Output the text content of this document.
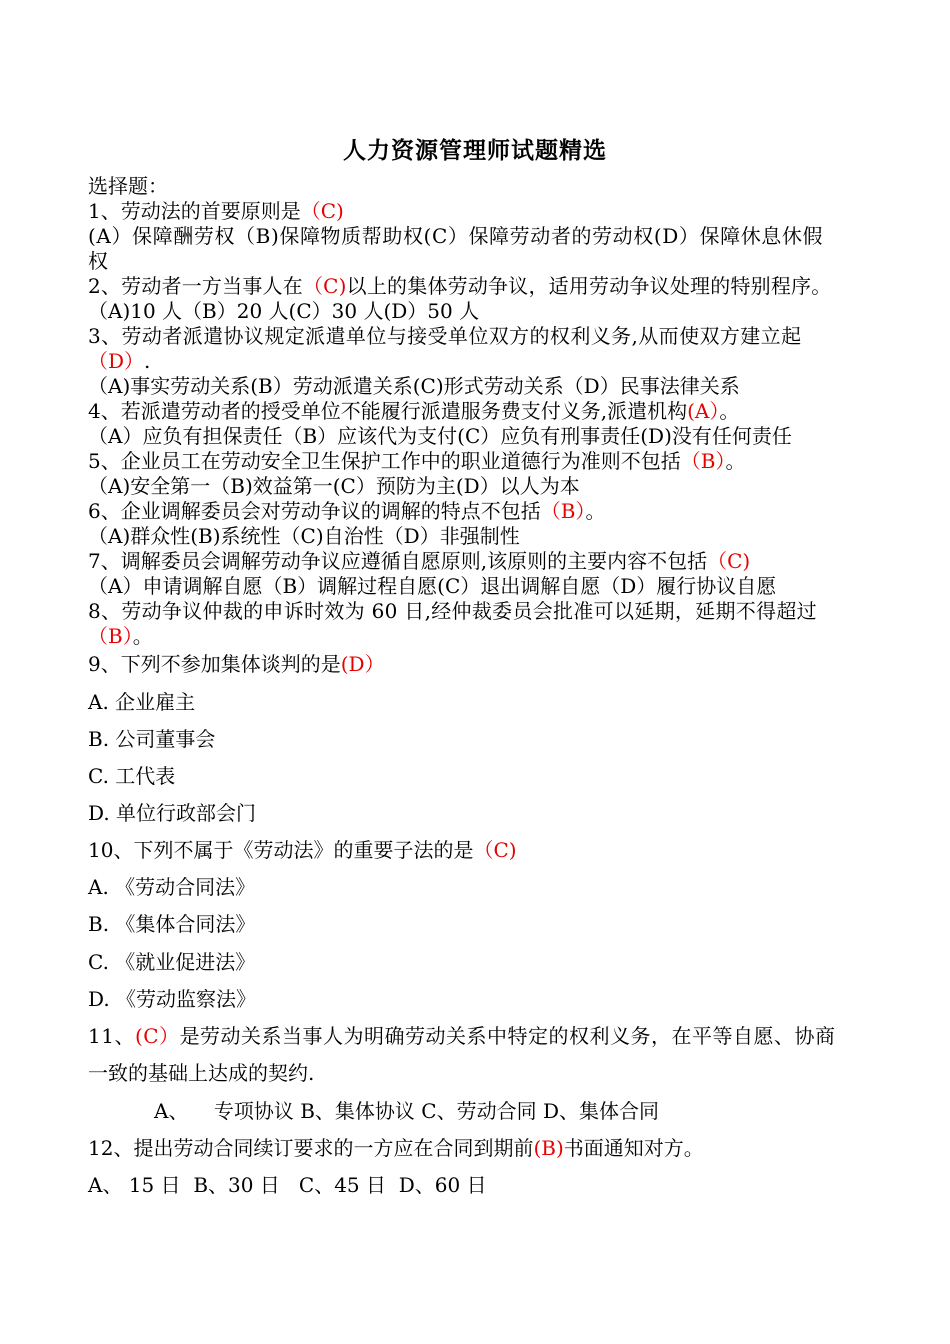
人力资源管理师试题精选
选择题：
1、劳动法的首要原则是（C)
(A）保障酬劳权（B)保障物质帮助权(C）保障劳动者的劳动权(D）保障休息休假
权
2、劳动者一方当事人在（C)以上的集体劳动争议，适用劳动争议处理的特别程序。
（A)10 人（B）20 人(C）30 人(D）50 人
3、劳动者派遣协议规定派遣单位与接受单位双方的权利义务,从而使双方建立起
（D）.
（A)事实劳动关系(B）劳动派遣关系(C)形式劳动关系（D）民事法律关系
4、若派遣劳动者的授受单位不能履行派遣服务费支付义务,派遣机构(A）。
（A）应负有担保责任（B）应该代为支付(C）应负有刑事责任(D)没有任何责任
5、企业员工在劳动安全卫生保护工作中的职业道德行为准则不包括（B）。
（A)安全第一（B)效益第一(C）预防为主(D）以人为本
6、企业调解委员会对劳动争议的调解的特点不包括（B）。
（A)群众性(B)系统性（C)自治性（D）非强制性
7、调解委员会调解劳动争议应遵循自愿原则,该原则的主要内容不包括（C)
（A）申请调解自愿（B）调解过程自愿(C）退出调解自愿（D）履行协议自愿
8、劳动争议仲裁的申诉时效为 60 日,经仲裁委员会批准可以延期，延期不得超过
（B）。
9、下列不参加集体谈判的是(D）
A. 企业雇主
B. 公司董事会
C. 工代表
D. 单位行政部会门
10、下列不属于《劳动法》的重要子法的是（C)
A. 《劳动合同法》
B. 《集体合同法》
C. 《就业促进法》
D. 《劳动监察法》
11、(C）是劳动关系当事人为明确劳动关系中特定的权利义务，在平等自愿、协商
一致的基础上达成的契约.
A、    专项协议 B、集体协议 C、劳动合同 D、集体合同
12、提出劳动合同续订要求的一方应在合同到期前(B)书面通知对方。
A、 15 日  B、30 日   C、45 日  D、60 日
